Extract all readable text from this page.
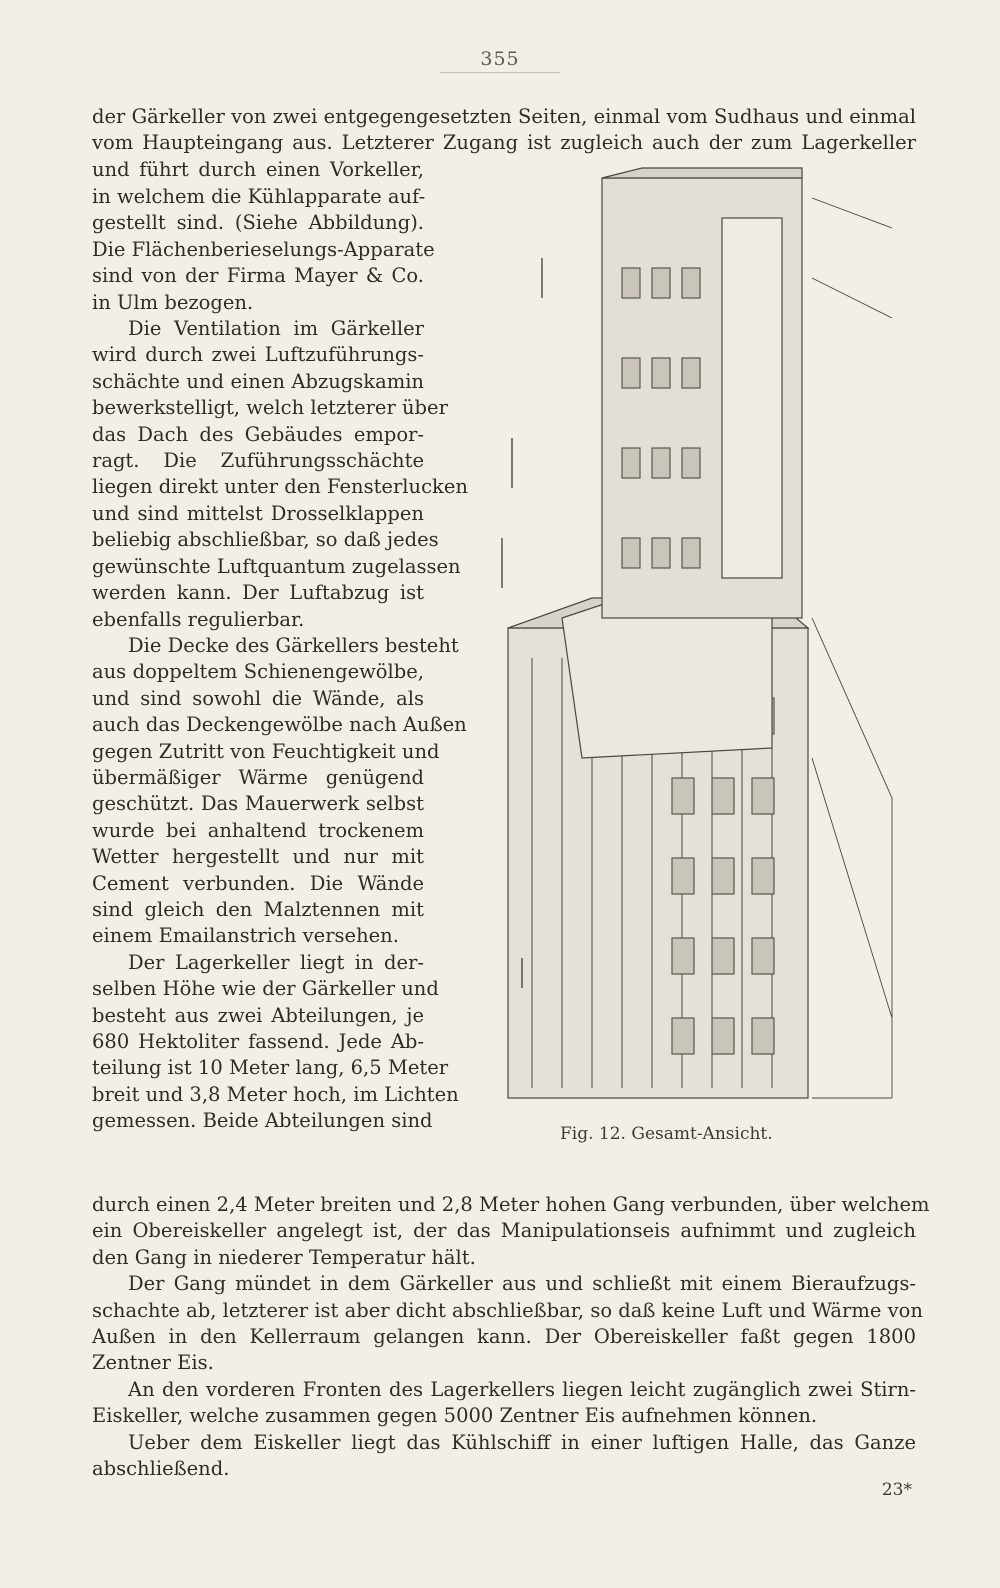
355
der Gärkeller von zwei entgegengesetzten Seiten, einmal vom Sudhaus und einmal
vom Haupteingang aus. Letzterer Zugang ist zugleich auch der zum Lagerkeller
und führt durch einen Vorkeller,
in welchem die Kühlapparate auf-
gestellt sind. (Siehe Abbildung).
Die Flächenberieselungs-Apparate
sind von der Firma Mayer & Co.
in Ulm bezogen.
Die Ventilation im Gärkeller
wird durch zwei Luftzuführungs-
schächte und einen Abzugskamin
bewerkstelligt, welch letzterer über
das Dach des Gebäudes empor-
ragt. Die Zuführungsschächte
liegen direkt unter den Fensterlucken
und sind mittelst Drosselklappen
beliebig abschließbar, so daß jedes
gewünschte Luftquantum zugelassen
werden kann. Der Luftabzug ist
ebenfalls regulierbar.
Die Decke des Gärkellers besteht
aus doppeltem Schienengewölbe,
und sind sowohl die Wände, als
auch das Deckengewölbe nach Außen
gegen Zutritt von Feuchtigkeit und
übermäßiger Wärme genügend
geschützt. Das Mauerwerk selbst
wurde bei anhaltend trockenem
Wetter hergestellt und nur mit
Cement verbunden. Die Wände
sind gleich den Malztennen mit
einem Emailanstrich versehen.
Der Lagerkeller liegt in der-
selben Höhe wie der Gärkeller und
besteht aus zwei Abteilungen, je
680 Hektoliter fassend. Jede Ab-
teilung ist 10 Meter lang, 6,5 Meter
breit und 3,8 Meter hoch, im Lichten
gemessen. Beide Abteilungen sind
Fig. 12. Gesamt-Ansicht.
durch einen 2,4 Meter breiten und 2,8 Meter hohen Gang verbunden, über welchem
ein Obereiskeller angelegt ist, der das Manipulationseis aufnimmt und zugleich
den Gang in niederer Temperatur hält.
Der Gang mündet in dem Gärkeller aus und schließt mit einem Bieraufzugs-
schachte ab, letzterer ist aber dicht abschließbar, so daß keine Luft und Wärme von
Außen in den Kellerraum gelangen kann. Der Obereiskeller faßt gegen 1800
Zentner Eis.
An den vorderen Fronten des Lagerkellers liegen leicht zugänglich zwei Stirn-
Eiskeller, welche zusammen gegen 5000 Zentner Eis aufnehmen können.
Ueber dem Eiskeller liegt das Kühlschiff in einer luftigen Halle, das Ganze
abschließend.
23*
